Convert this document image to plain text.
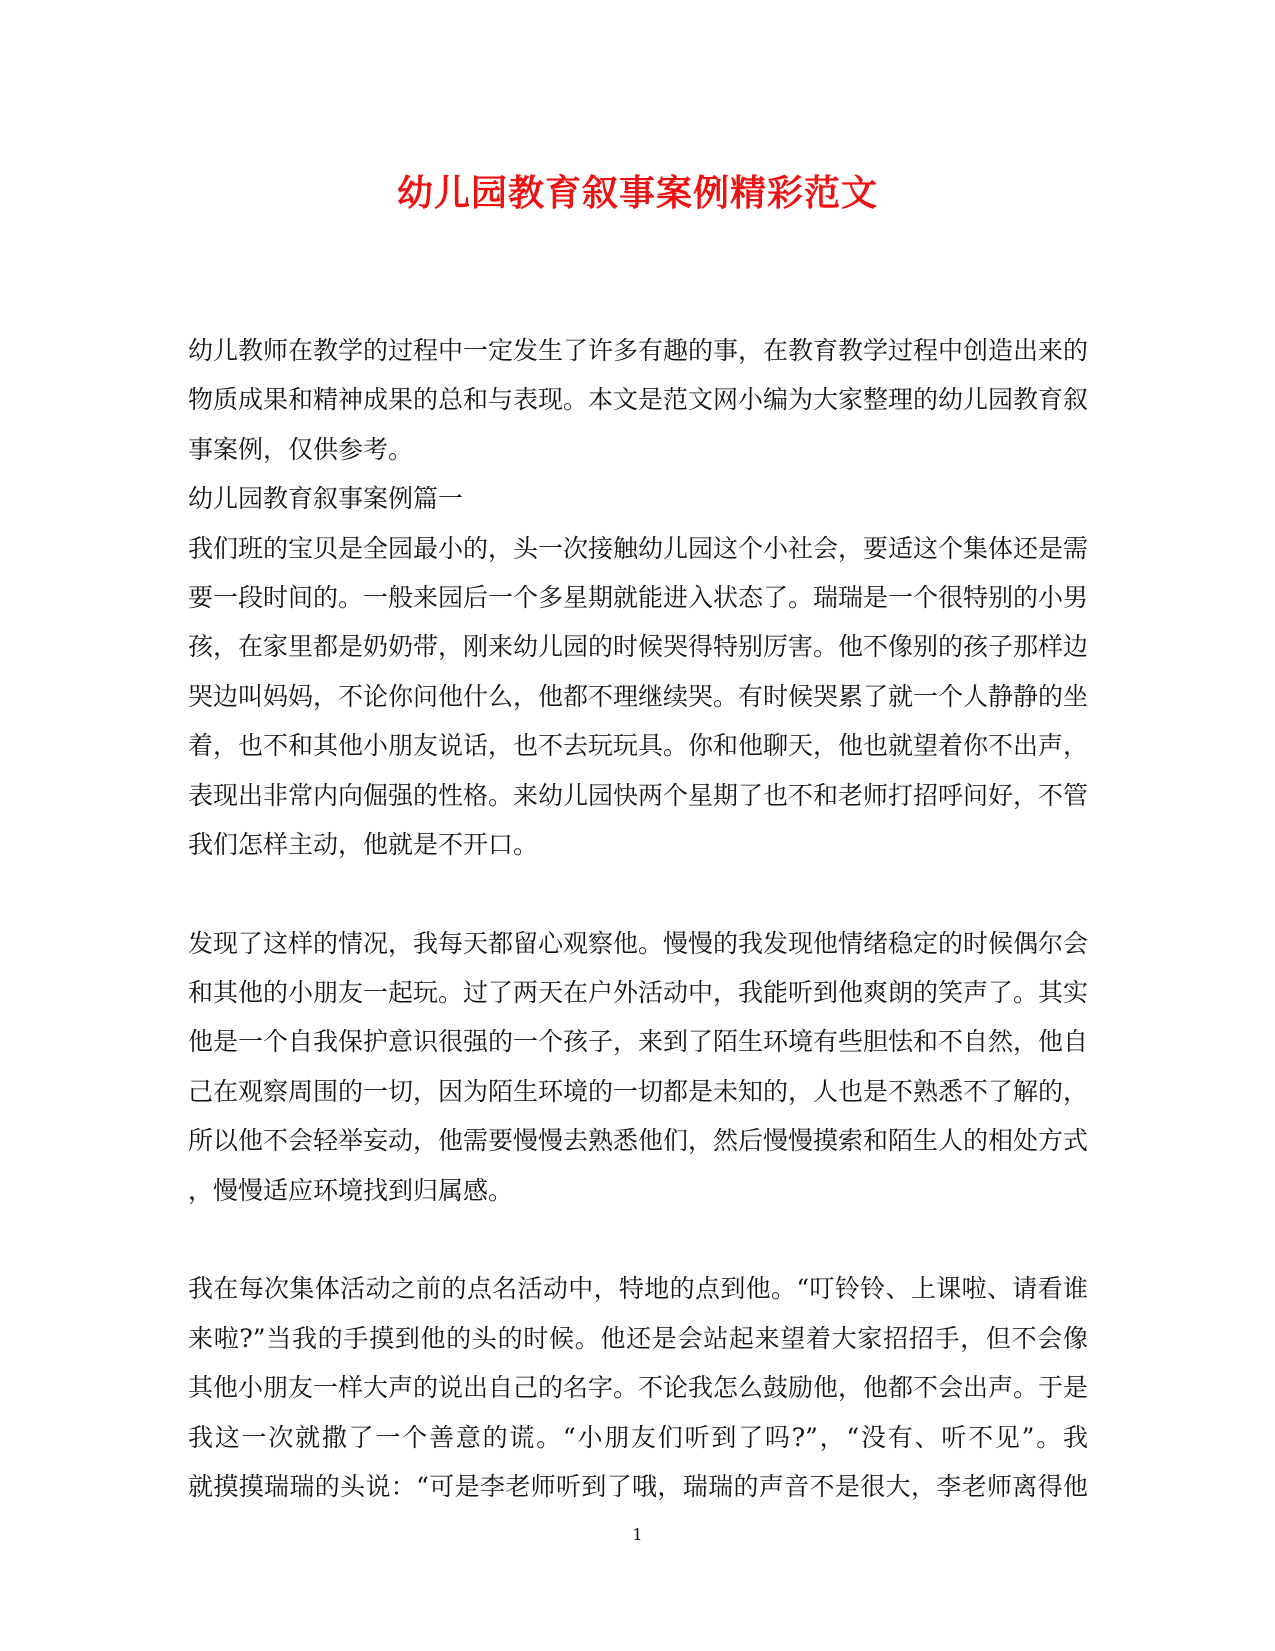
幼儿园教育叙事案例精彩范文
幼儿教师在教学的过程中一定发生了许多有趣的事，在教育教学过程中创造出来的
物质成果和精神成果的总和与表现。本文是范文网小编为大家整理的幼儿园教育叙
事案例，仅供参考。
幼儿园教育叙事案例篇一
我们班的宝贝是全园最小的，头一次接触幼儿园这个小社会，要适这个集体还是需
要一段时间的。一般来园后一个多星期就能进入状态了。瑞瑞是一个很特别的小男
孩，在家里都是奶奶带，刚来幼儿园的时候哭得特别厉害。他不像别的孩子那样边
哭边叫妈妈，不论你问他什么，他都不理继续哭。有时候哭累了就一个人静静的坐
着，也不和其他小朋友说话，也不去玩玩具。你和他聊天，他也就望着你不出声，
表现出非常内向倔强的性格。来幼儿园快两个星期了也不和老师打招呼问好，不管
我们怎样主动，他就是不开口。
发现了这样的情况，我每天都留心观察他。慢慢的我发现他情绪稳定的时候偶尔会
和其他的小朋友一起玩。过了两天在户外活动中，我能听到他爽朗的笑声了。其实
他是一个自我保护意识很强的一个孩子，来到了陌生环境有些胆怯和不自然，他自
己在观察周围的一切，因为陌生环境的一切都是未知的，人也是不熟悉不了解的，
所以他不会轻举妄动，他需要慢慢去熟悉他们，然后慢慢摸索和陌生人的相处方式
，慢慢适应环境找到归属感。
我在每次集体活动之前的点名活动中，特地的点到他。“叮铃铃、上课啦、请看谁
来啦?”当我的手摸到他的头的时候。他还是会站起来望着大家招招手，但不会像
其他小朋友一样大声的说出自己的名字。不论我怎么鼓励他，他都不会出声。于是
我这一次就撒了一个善意的谎。“小朋友们听到了吗?”，“没有、听不见”。我
就摸摸瑞瑞的头说：“可是李老师听到了哦，瑞瑞的声音不是很大，李老师离得他
1
